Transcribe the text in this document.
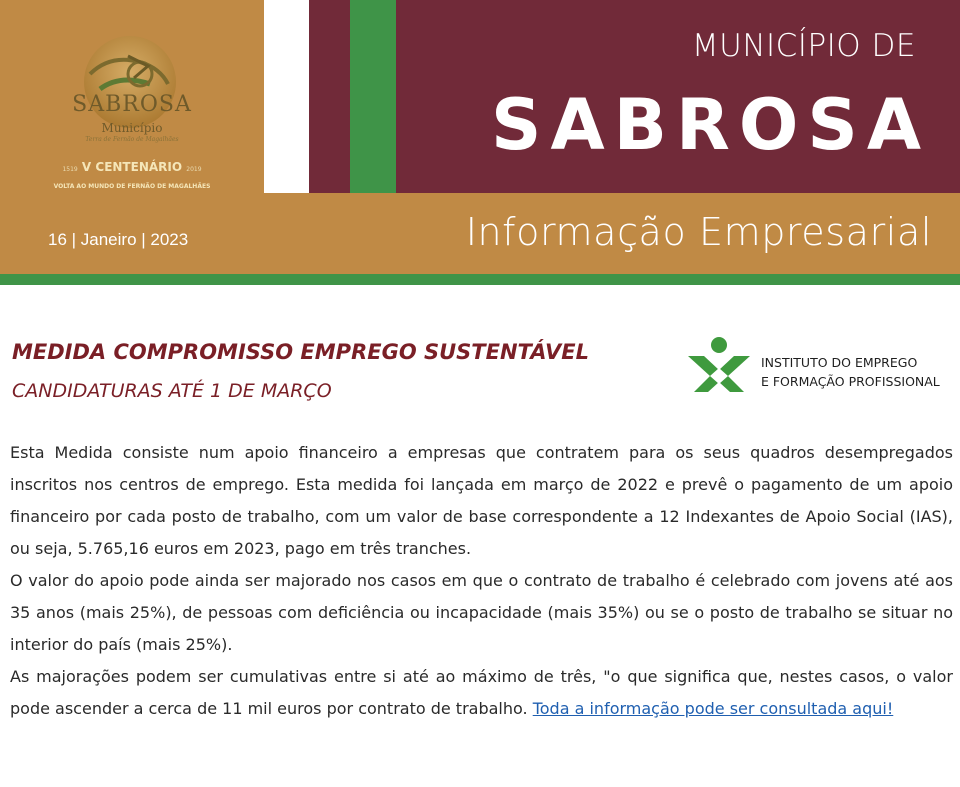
SABROSA
Município
Terra de Fernão de Magalhães
1519 V CENTENÁRIO 2019
VOLTA AO MUNDO DE FERNÃO DE MAGALHÃES
MUNICÍPIO DE
SABROSA
16 | Janeiro | 2023	Informação Empresarial
MEDIDA COMPROMISSO EMPREGO SUSTENTÁVEL
CANDIDATURAS ATÉ 1 DE MARÇO
INSTITUTO DO EMPREGO
E FORMAÇÃO PROFISSIONAL

Esta Medida consiste num apoio financeiro a empresas que contratem para os seus quadros desempregados inscritos nos centros de emprego. Esta medida foi lançada em março de 2022 e prevê o pagamento de um apoio financeiro por cada posto de trabalho, com um valor de base correspondente a 12 Indexantes de Apoio Social (IAS), ou seja, 5.765,16 euros em 2023, pago em três tranches.

O valor do apoio pode ainda ser majorado nos casos em que o contrato de trabalho é celebrado com jovens até aos 35 anos (mais 25%), de pessoas com deficiência ou incapacidade (mais 35%) ou se o posto de trabalho se situar no interior do país (mais 25%).

As majorações podem ser cumulativas entre si até ao máximo de três, "o que significa que, nestes casos, o valor pode ascender a cerca de 11 mil euros por contrato de trabalho. Toda a informação pode ser consultada aqui!
